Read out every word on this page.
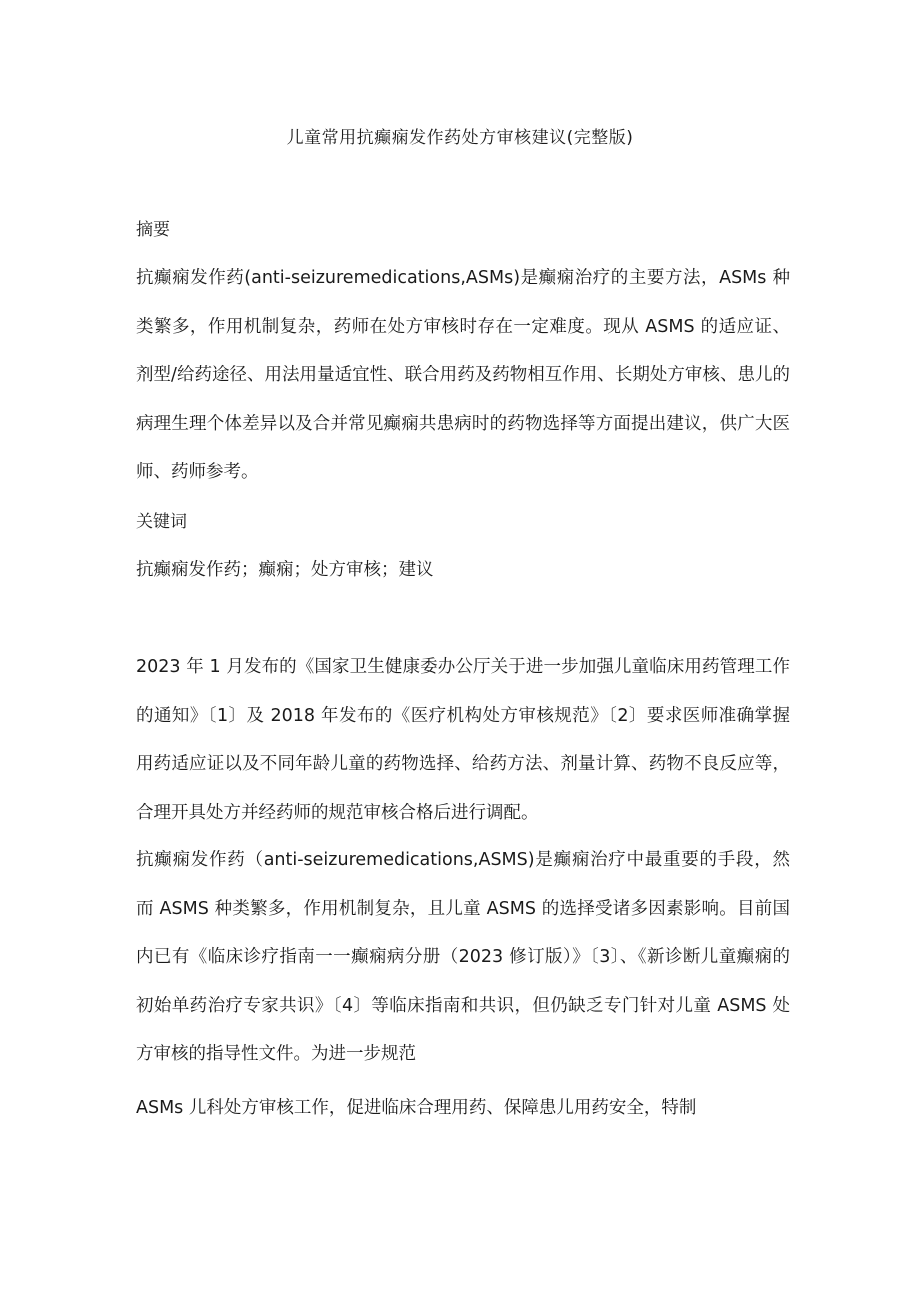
儿童常用抗癫痫发作药处方审核建议(完整版)
摘要
抗癫痫发作药(anti-seizuremedications,ASMs)是癫痫治疗的主要方法，ASMs 种类繁多，作用机制复杂，药师在处方审核时存在一定难度。现从 ASMS 的适应证、剂型/给药途径、用法用量适宜性、联合用药及药物相互作用、长期处方审核、患儿的病理生理个体差异以及合并常见癫痫共患病时的药物选择等方面提出建议，供广大医师、药师参考。
关键词
抗癫痫发作药；癫痫；处方审核；建议
2023 年 1 月发布的《国家卫生健康委办公厅关于进一步加强儿童临床用药管理工作的通知》〔1〕及 2018 年发布的《医疗机构处方审核规范》〔2〕要求医师准确掌握用药适应证以及不同年龄儿童的药物选择、给药方法、剂量计算、药物不良反应等，合理开具处方并经药师的规范审核合格后进行调配。
抗癫痫发作药（anti-seizuremedications,ASMS)是癫痫治疗中最重要的手段，然而 ASMS 种类繁多，作用机制复杂，且儿童 ASMS 的选择受诸多因素影响。目前国内已有《临床诊疗指南一一癫痫病分册（2023 修订版）》〔3〕、《新诊断儿童癫痫的初始单药治疗专家共识》〔4〕等临床指南和共识，但仍缺乏专门针对儿童 ASMS 处方审核的指导性文件。为进一步规范
ASMs 儿科处方审核工作，促进临床合理用药、保障患儿用药安全，特制
